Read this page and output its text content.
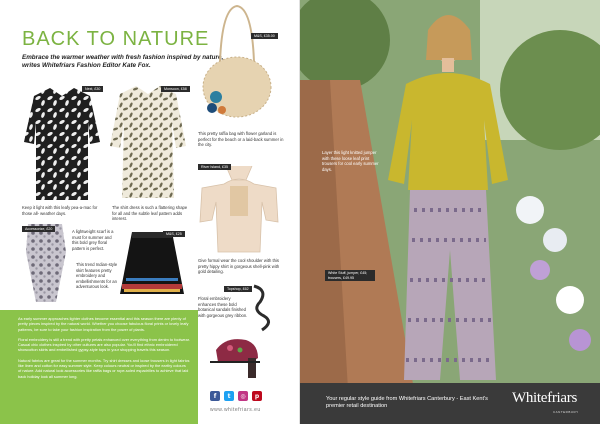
BACK TO NATURE
Embrace the warmer weather with fresh fashion inspired by nature, writes Whitefriars Fashion Editor Kate Fox.
Next, £30
Keep it light with this leafy pea-a-mac for those all- weather days.
Monsoon, £58
The shirt dress is such a flattering shape for all and the subtle leaf pattern adds interest.
M&S, £35.00
This pretty raffia bag with flower garland is perfect for the beach or a laid-back summer in the city.
River Island, £35
Give formal wear the cool shoulder with this pretty hippy shirt in gorgeous shell-pink with gold detailing.
Accessorize, £20	A lightweight scarf is a must for summer and this bold grey floral pattern is perfect.
M&S, £25
This trend Indian-style skirt features pretty embroidery and embellishments for an adventurous look.	Topshop, £62
Floral embroidery enhances these bold botanical sandals finished with gorgeous grey ribbon.

As early summer approaches lighter clothes become essential and this season there are plenty of pretty pieces inspired by the natural world. Whether you choose fabulous floral prints or lovely leafy patterns, be sure to take your fashion inspiration from the power of plants.

Floral embroidery is still a trend with pretty petals enhanced over everything from denim to footwear. Casual chic clothes inspired by other cultures are also popular. You'll find ethnic embroidered showcotton skirts and embellished gypsy-style tops in your shopping travels this season.

Natural fabrics are great for the summer months. Try shirt dresses and loose trousers in light fabrics like linen and cotton for easy summer style. Keep colours neutral or inspired by the earthy colours of nature. Add natural look accessories like raffia bags or rope-soled espadrilles to achieve that laid back holiday look all summer long.

f	t	◎	p
www.whitefriars.eu
Layer this light knitted jumper with these loose leaf print trousers for cool early summer days.
White Stuff, jumper, £45; trousers, £49.95
Your regular style guide from Whitefriars Canterbury - East Kent's premier retail destination	Whitefriars
CANTERBURY
